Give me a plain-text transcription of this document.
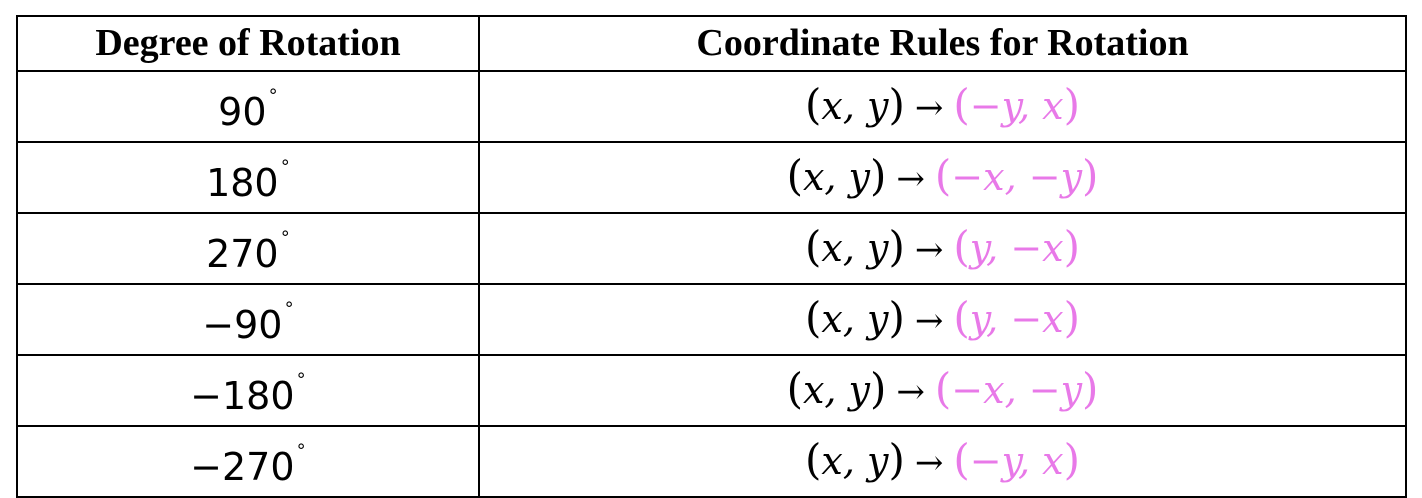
Degree of Rotation	Coordinate Rules for Rotation
90˚	(x, y) → (−y, x)
180˚	(x, y) → (−x, −y)
270˚	(x, y) → (y, −x)
−90˚	(x, y) → (y, −x)
−180˚	(x, y) → (−x, −y)
−270˚	(x, y) → (−y, x)
